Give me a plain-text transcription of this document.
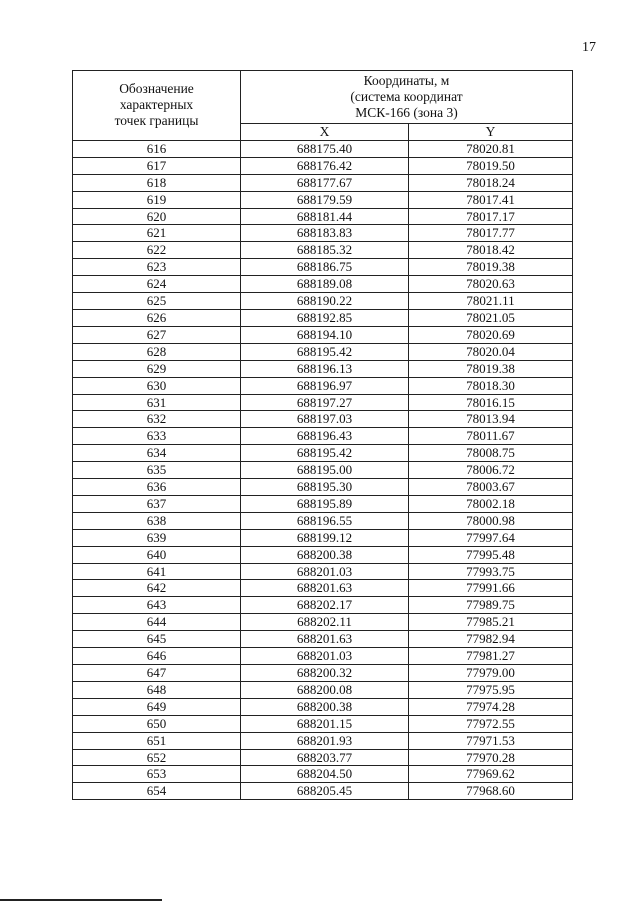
17
Обозначение
характерных
точек границы	Координаты, м
(система координат
МСК-166 (зона 3)	
	X	Y
616	688175.40	78020.81
617	688176.42	78019.50
618	688177.67	78018.24
619	688179.59	78017.41
620	688181.44	78017.17
621	688183.83	78017.77
622	688185.32	78018.42
623	688186.75	78019.38
624	688189.08	78020.63
625	688190.22	78021.11
626	688192.85	78021.05
627	688194.10	78020.69
628	688195.42	78020.04
629	688196.13	78019.38
630	688196.97	78018.30
631	688197.27	78016.15
632	688197.03	78013.94
633	688196.43	78011.67
634	688195.42	78008.75
635	688195.00	78006.72
636	688195.30	78003.67
637	688195.89	78002.18
638	688196.55	78000.98
639	688199.12	77997.64
640	688200.38	77995.48
641	688201.03	77993.75
642	688201.63	77991.66
643	688202.17	77989.75
644	688202.11	77985.21
645	688201.63	77982.94
646	688201.03	77981.27
647	688200.32	77979.00
648	688200.08	77975.95
649	688200.38	77974.28
650	688201.15	77972.55
651	688201.93	77971.53
652	688203.77	77970.28
653	688204.50	77969.62
654	688205.45	77968.60
